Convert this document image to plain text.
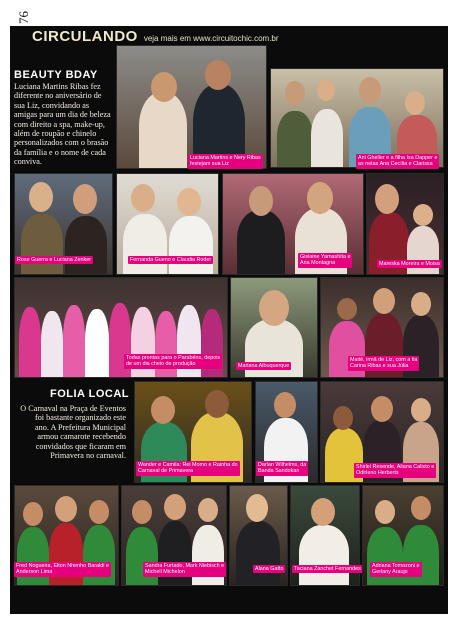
76
CIRCULANDO veja mais em www.circuitochic.com.br
BEAUTY BDAY
Luciana Martins Ribas fez diferente no aniversário de sua Liz, convidando as amigas para um dia de beleza com direito a spa, make-up, além de roupão e chinelo personalizados com o brasão da família e o nome de cada conviva.	Luciana Martins e Nery Ribas
festejam sua Liz
Ani Gheller e a filha Isa Dapper e
as netas Ana Cecília e Clarissa
Rose Guerra e Luciana Zenker	Fernanda Gueno e Claudia Roder	Gislaine Yamashita e
Ana Montagna	Mareska Moreira e Moisa
Todas prontas para o Parabéns, depois
de um dia cheio de produção	Mariana Albuquerque
Maitê, irmã de Liz, com a tia
Carina Ribas e sua Júlia
FOLIA LOCAL
O Carnaval na Praça de Eventos foi bastante organizado este ano. A Prefeitura Municipal armou camarote recebendo convidados que ficaram em Primavera no carnaval.
Wander e Camila: Rei Momo e Rainha do
Carnaval de Primavera
Darlan Wilhelms, da
Banda Sandokan
Shirlei Resende, Aliana Calixto e
Odirleno Herberts
Fred Nogueira, Elton Nhenho Baraldi e
Anderson Lima
Sandra Furtado, Mark Niebisch e
Micheli Michelon
Alana Gatto	Taciana Zanchet Fernandes	Adriana Tomazoni e
Gerlany Araujo
